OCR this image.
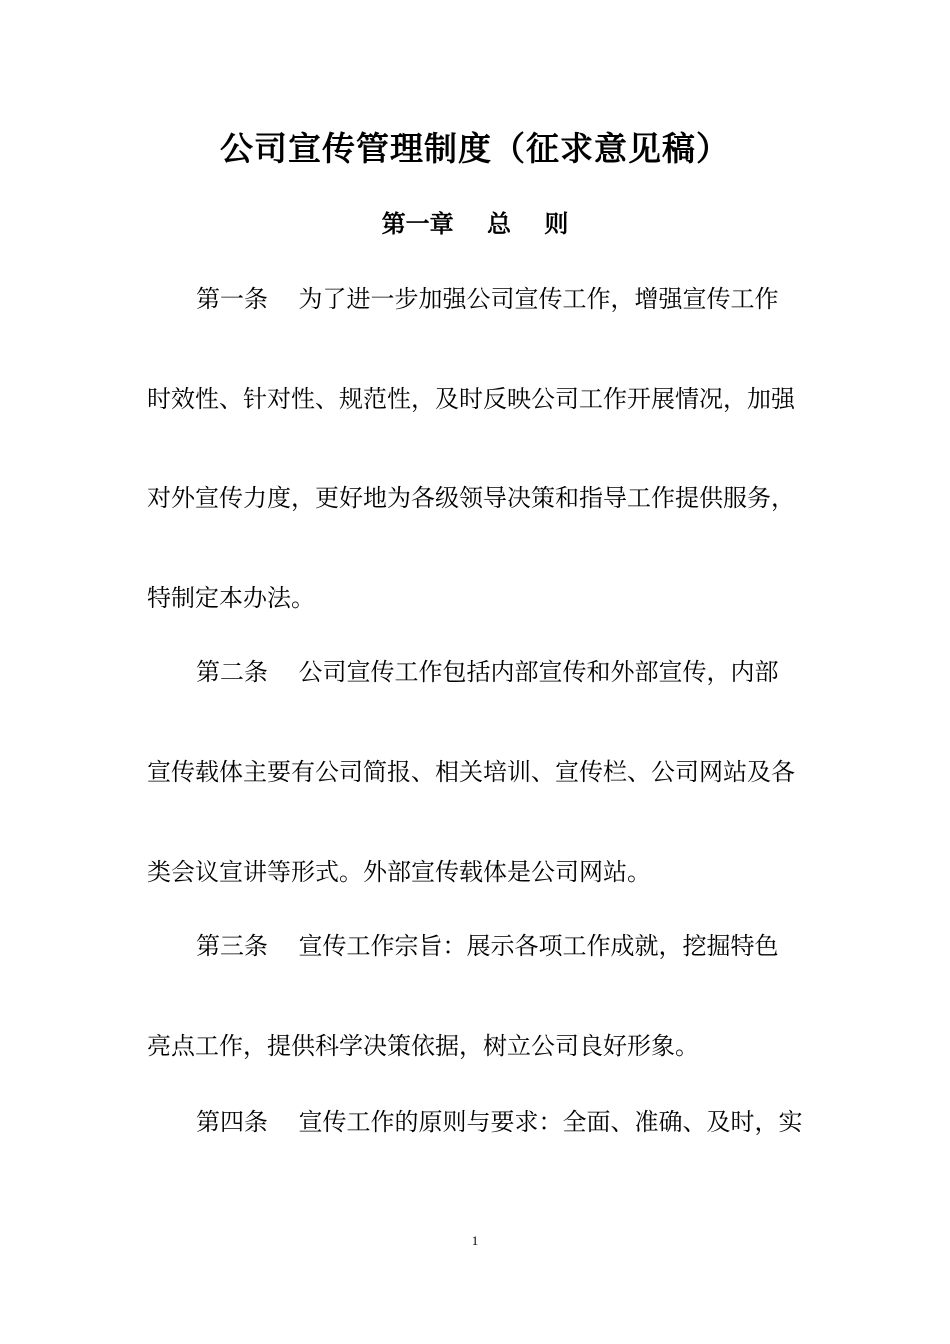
公司宣传管理制度（征求意见稿）
第一章    总    则
第一条    为了进一步加强公司宣传工作，增强宣传工作
时效性、针对性、规范性，及时反映公司工作开展情况，加强
对外宣传力度，更好地为各级领导决策和指导工作提供服务，
特制定本办法。
第二条    公司宣传工作包括内部宣传和外部宣传，内部
宣传载体主要有公司简报、相关培训、宣传栏、公司网站及各
类会议宣讲等形式。外部宣传载体是公司网站。
第三条    宣传工作宗旨：展示各项工作成就，挖掘特色
亮点工作，提供科学决策依据，树立公司良好形象。
第四条    宣传工作的原则与要求：全面、准确、及时，实
1
